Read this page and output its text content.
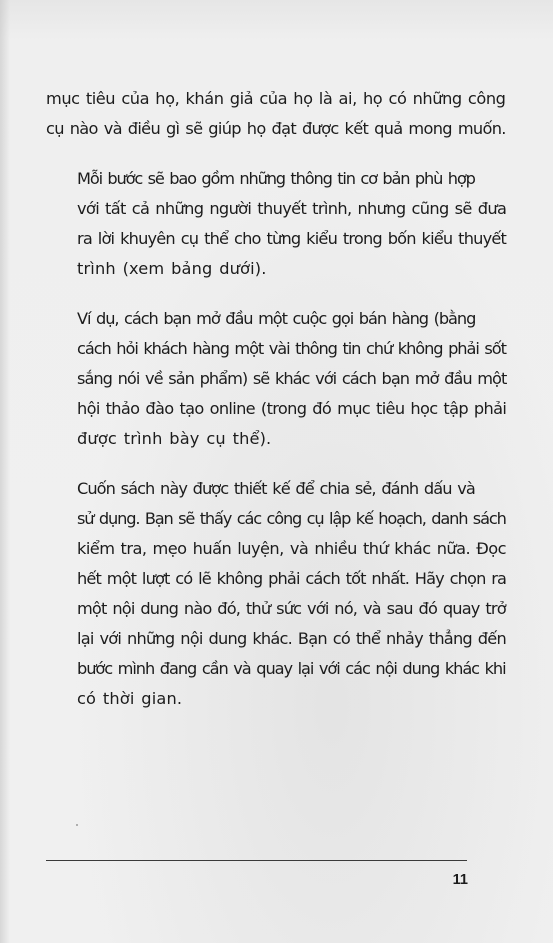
mục tiêu của họ, khán giả của họ là ai, họ có những công
cụ nào và điều gì sẽ giúp họ đạt được kết quả mong muốn.

Mỗi bước sẽ bao gồm những thông tin cơ bản phù hợp
với tất cả những người thuyết trình, nhưng cũng sẽ đưa
ra lời khuyên cụ thể cho từng kiểu trong bốn kiểu thuyết
trình (xem bảng dưới).

Ví dụ, cách bạn mở đầu một cuộc gọi bán hàng (bằng
cách hỏi khách hàng một vài thông tin chứ không phải sốt
sắng nói về sản phẩm) sẽ khác với cách bạn mở đầu một
hội thảo đào tạo online (trong đó mục tiêu học tập phải
được trình bày cụ thể).

Cuốn sách này được thiết kế để chia sẻ, đánh dấu và
sử dụng. Bạn sẽ thấy các công cụ lập kế hoạch, danh sách
kiểm tra, mẹo huấn luyện, và nhiều thứ khác nữa. Đọc
hết một lượt có lẽ không phải cách tốt nhất. Hãy chọn ra
một nội dung nào đó, thử sức với nó, và sau đó quay trở
lại với những nội dung khác. Bạn có thể nhảy thẳng đến
bước mình đang cần và quay lại với các nội dung khác khi
có thời gian.

11
